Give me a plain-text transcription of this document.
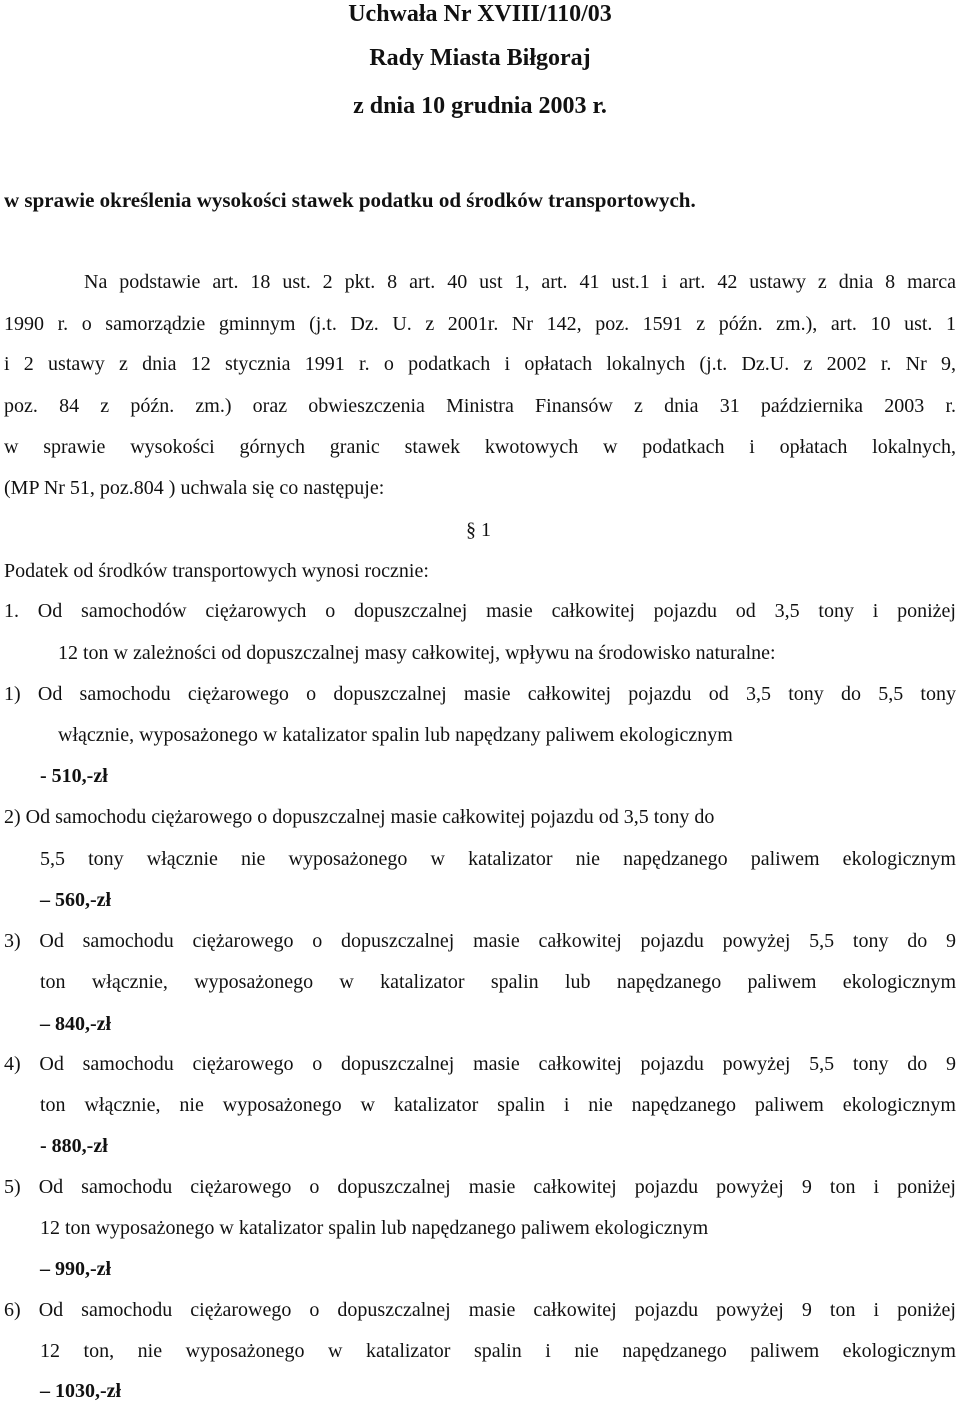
Uchwała Nr XVIII/110/03
Rady Miasta Biłgoraj
z dnia 10 grudnia 2003 r.
w sprawie określenia wysokości stawek podatku od środków transportowych.
Na podstawie art. 18 ust. 2 pkt. 8 art. 40 ust 1, art. 41 ust.1 i art. 42 ustawy z dnia 8 marca
1990 r. o samorządzie gminnym (j.t. Dz. U. z 2001r. Nr 142, poz. 1591 z późn. zm.), art. 10 ust. 1
i 2 ustawy z dnia 12 stycznia 1991 r. o podatkach i opłatach lokalnych (j.t. Dz.U. z 2002 r. Nr 9,
poz. 84 z późn. zm.) oraz obwieszczenia Ministra Finansów z dnia 31 października 2003 r.
w sprawie wysokości górnych granic stawek kwotowych w podatkach i opłatach lokalnych,
(MP Nr 51, poz.804 ) uchwala się co następuje:
§ 1
Podatek od środków transportowych wynosi rocznie:
1. Od samochodów ciężarowych o dopuszczalnej masie całkowitej pojazdu od 3,5 tony i poniżej
12 ton w zależności od dopuszczalnej masy całkowitej, wpływu na środowisko naturalne:
1) Od samochodu ciężarowego o dopuszczalnej masie całkowitej pojazdu od 3,5 tony do 5,5 tony
włącznie, wyposażonego w katalizator spalin lub napędzany paliwem ekologicznym
- 510,-zł
2) Od samochodu ciężarowego o dopuszczalnej masie całkowitej pojazdu od 3,5 tony do
5,5 tony włącznie nie wyposażonego w katalizator nie napędzanego paliwem ekologicznym
– 560,-zł
3) Od samochodu ciężarowego o dopuszczalnej masie całkowitej pojazdu powyżej 5,5 tony do 9
ton włącznie, wyposażonego w katalizator spalin lub napędzanego paliwem ekologicznym
– 840,-zł
4) Od samochodu ciężarowego o dopuszczalnej masie całkowitej pojazdu powyżej 5,5 tony do 9
ton włącznie, nie wyposażonego w katalizator spalin i nie napędzanego paliwem ekologicznym
- 880,-zł
5) Od samochodu ciężarowego o dopuszczalnej masie całkowitej pojazdu powyżej 9 ton i poniżej
12 ton wyposażonego w katalizator spalin lub napędzanego paliwem ekologicznym
– 990,-zł
6) Od samochodu ciężarowego o dopuszczalnej masie całkowitej pojazdu powyżej 9 ton i poniżej
12 ton, nie wyposażonego w katalizator spalin i nie napędzanego paliwem ekologicznym
– 1030,-zł
